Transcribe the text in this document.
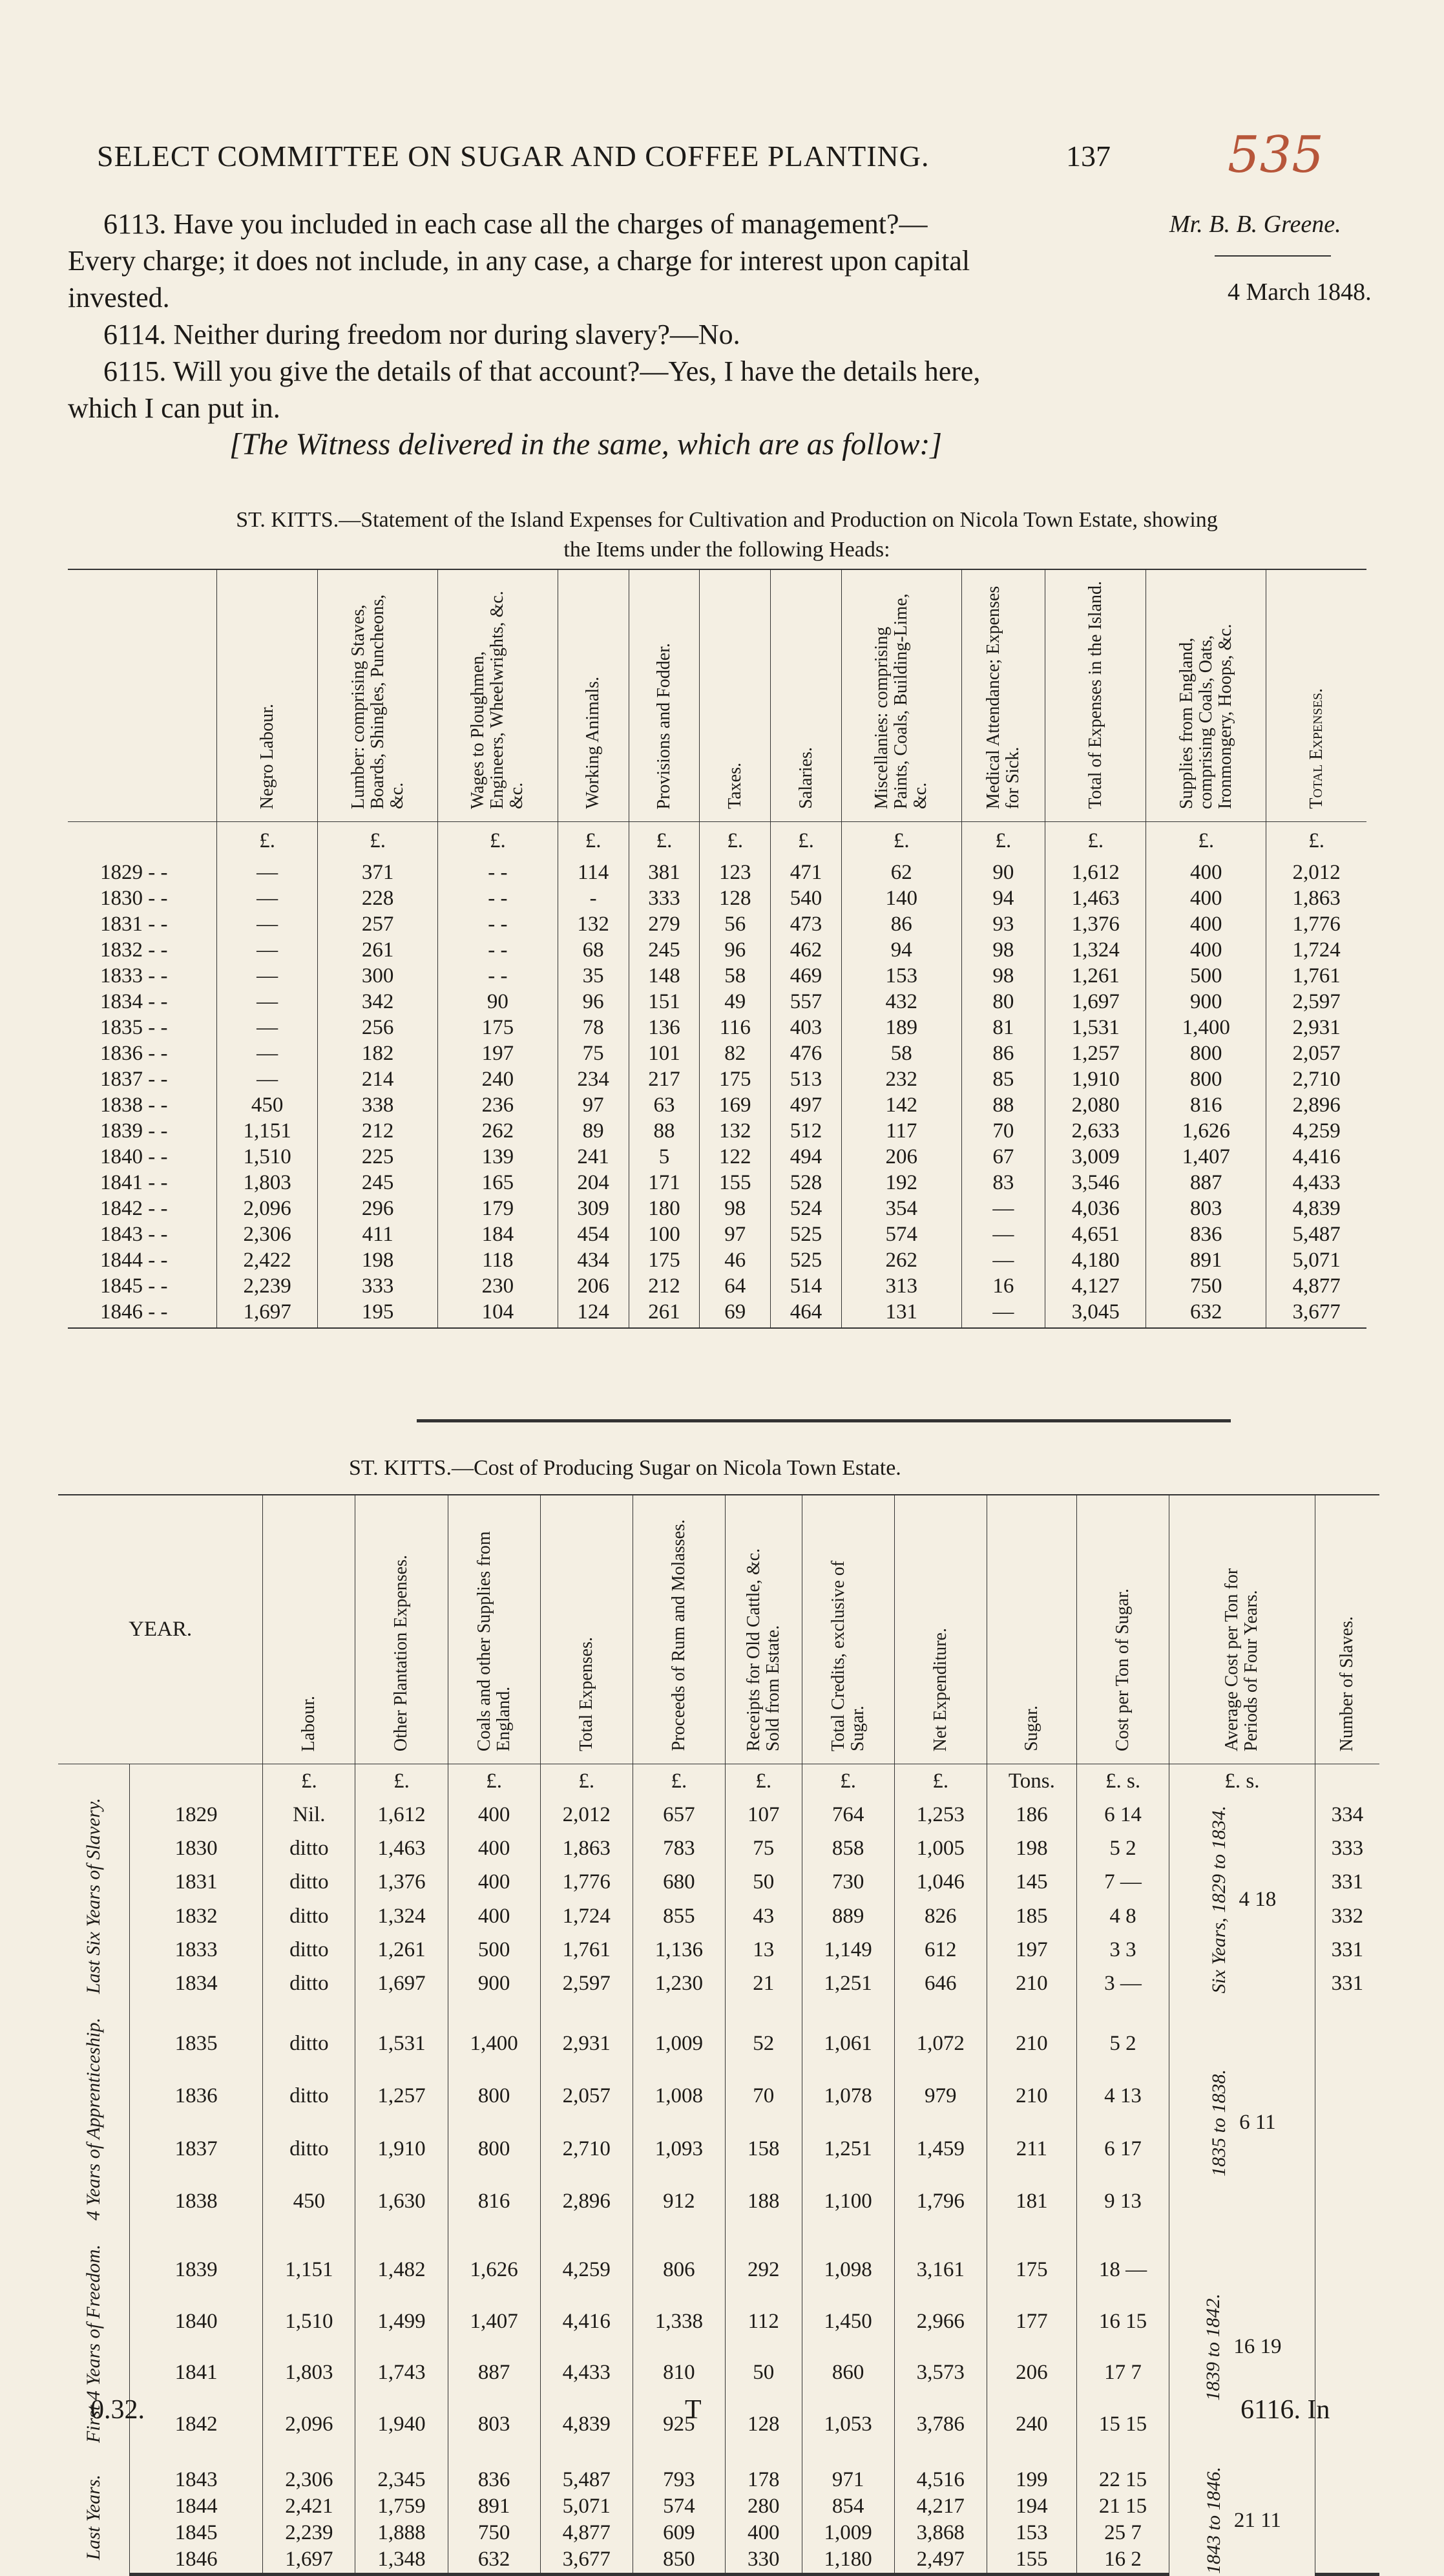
SELECT COMMITTEE ON SUGAR AND COFFEE PLANTING.	137 535
6113. Have you included in each case all the charges of management?—
Every charge; it does not include, in any case, a charge for interest upon capital
invested.
6114. Neither during freedom nor during slavery?—No.
6115. Will you give the details of that account?—Yes, I have the details here,
which I can put in.
Mr. B. B. Greene.
4 March 1848.
[The Witness delivered in the same, which are as follow:]
ST. KITTS.—Statement of the Island Expenses for Cultivation and Production on Nicola Town Estate, showing
the Items under the following Heads:
	Negro Labour.	Lumber: comprising Staves, Boards, Shingles, Puncheons, &c.	Wages to Ploughmen, Engineers, Wheelwrights, &c. &c.	Working Animals.	Provisions and Fodder.	Taxes.	Salaries.	Miscellanies: comprising Paints, Coals, Building-Lime, &c.	Medical Attendance; Expenses for Sick.	Total of Expenses in the Island.	Supplies from England, comprising Coals, Oats, Ironmongery, Hoops, &c.	Total Expenses.
	£.	£.	£.	£.	£.	£.	£.	£.	£.	£.	£.	£.
1829 - -	—	371	- -	114	381	123	471	62	90	1,612	400	2,012
1830 - -	—	228	- -	-	333	128	540	140	94	1,463	400	1,863
1831 - -	—	257	- -	132	279	56	473	86	93	1,376	400	1,776
1832 - -	—	261	- -	68	245	96	462	94	98	1,324	400	1,724
1833 - -	—	300	- -	35	148	58	469	153	98	1,261	500	1,761
1834 - -	—	342	90	96	151	49	557	432	80	1,697	900	2,597
1835 - -	—	256	175	78	136	116	403	189	81	1,531	1,400	2,931
1836 - -	—	182	197	75	101	82	476	58	86	1,257	800	2,057
1837 - -	—	214	240	234	217	175	513	232	85	1,910	800	2,710
1838 - -	450	338	236	97	63	169	497	142	88	2,080	816	2,896
1839 - -	1,151	212	262	89	88	132	512	117	70	2,633	1,626	4,259
1840 - -	1,510	225	139	241	5	122	494	206	67	3,009	1,407	4,416
1841 - -	1,803	245	165	204	171	155	528	192	83	3,546	887	4,433
1842 - -	2,096	296	179	309	180	98	524	354	—	4,036	803	4,839
1843 - -	2,306	411	184	454	100	97	525	574	—	4,651	836	5,487
1844 - -	2,422	198	118	434	175	46	525	262	—	4,180	891	5,071
1845 - -	2,239	333	230	206	212	64	514	313	16	4,127	750	4,877
1846 - -	1,697	195	104	124	261	69	464	131	—	3,045	632	3,677
ST. KITTS.—Cost of Producing Sugar on Nicola Town Estate.
YEAR.		Labour.	Other Plantation Expenses.	Coals and other Supplies from England.	Total Expenses.	Proceeds of Rum and Molasses.	Receipts for Old Cattle, &c. Sold from Estate.	Total Credits, exclusive of Sugar.	Net Expenditure.	Sugar.	Cost per Ton of Sugar.	Average Cost per Ton for Periods of Four Years.	Number of Slaves.
		£.	£.	£.	£.	£.	£.	£.	£.	Tons.	£. s.	£. s.	
Last Six Years of Slavery.	1829	Nil.	1,612	400	2,012	657	107	764	1,253	186	6 14	Six Years, 1829 to 1834. 4 18	334
	1830	ditto	1,463	400	1,863	783	75	858	1,005	198	5 2		333
	1831	ditto	1,376	400	1,776	680	50	730	1,046	145	7 —		331
	1832	ditto	1,324	400	1,724	855	43	889	826	185	4 8		332
	1833	ditto	1,261	500	1,761	1,136	13	1,149	612	197	3 3		331
	1834	ditto	1,697	900	2,597	1,230	21	1,251	646	210	3 —		331

4 Years of Apprenticeship.	1835	ditto	1,531	1,400	2,931	1,009	52	1,061	1,072	210	5 2	1835 to 1838. 6 11	

	1836	ditto	1,257	800	2,057	1,008	70	1,078	979	210	4 13		
	1837	ditto	1,910	800	2,710	1,093	158	1,251	1,459	211	6 17		
	1838	450	1,630	816	2,896	912	188	1,100	1,796	181	9 13		

First 4 Years of Freedom.	1839	1,151	1,482	1,626	4,259	806	292	1,098	3,161	175	18 —	1839 to 1842. 16 19	

	1840	1,510	1,499	1,407	4,416	1,338	112	1,450	2,966	177	16 15		
	1841	1,803	1,743	887	4,433	810	50	860	3,573	206	17 7		
	1842	2,096	1,940	803	4,839	925	128	1,053	3,786	240	15 15		

Last Years.	1843	2,306	2,345	836	5,487	793	178	971	4,516	199	22 15	1843 to 1846. 21 11	

	1844	2,421	1,759	891	5,071	574	280	854	4,217	194	21 15		
	1845	2,239	1,888	750	4,877	609	400	1,009	3,868	153	25 7		
	1846	1,697	1,348	632	3,677	850	330	1,180	2,497	155	16 2		
0.32.	T	6116. In
